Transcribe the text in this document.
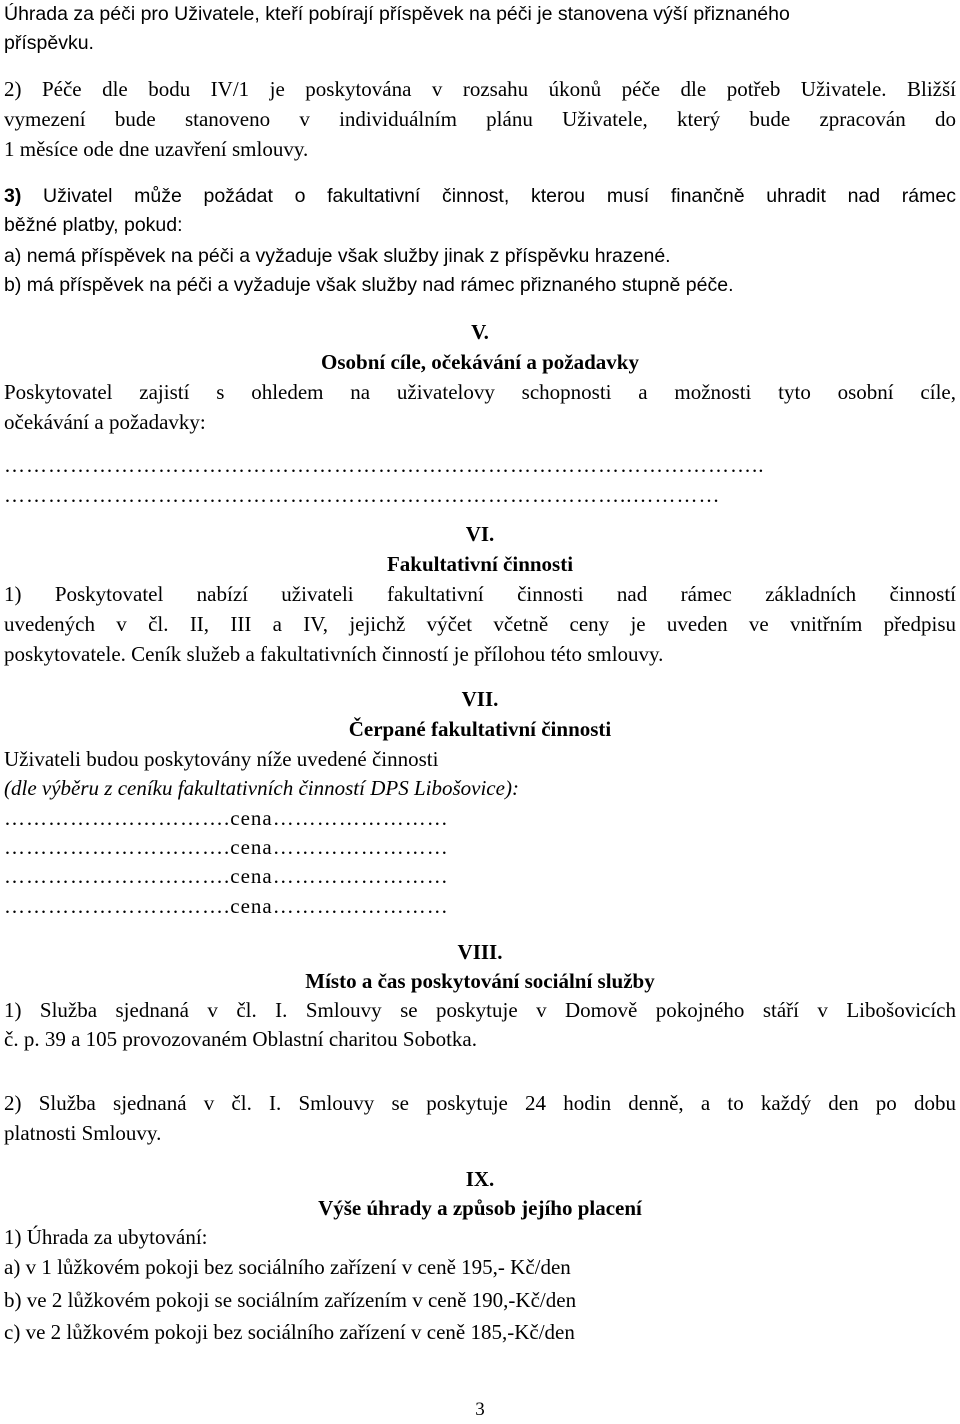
Úhrada za péči pro Uživatele, kteří pobírají příspěvek na péči je stanovena výší přiznaného
příspěvku.
2) Péče dle bodu IV/1 je poskytována v rozsahu úkonů péče dle potřeb Uživatele. Bližší
vymezení bude stanoveno v individuálním plánu Uživatele, který bude zpracován do
1 měsíce ode dne uzavření smlouvy.
3) Uživatel může požádat o fakultativní činnost, kterou musí finančně uhradit nad rámec
běžné platby, pokud:
a) nemá příspěvek na péči a vyžaduje však služby jinak z příspěvku hrazené.
b) má příspěvek na péči a vyžaduje však služby nad rámec přiznaného stupně péče.
V.
Osobní cíle, očekávání a požadavky
Poskytovatel zajistí s ohledem na uživatelovy schopnosti a možnosti tyto osobní cíle,
očekávání a požadavky:
…………………………………………………………………………………………..
…………………………………………………………………………..…………
VI.
Fakultativní činnosti
1) Poskytovatel nabízí uživateli fakultativní činnosti nad rámec základních činností
uvedených v čl. II, III a IV, jejichž výčet včetně ceny je uveden ve vnitřním předpisu
poskytovatele. Ceník služeb a fakultativních činností je přílohou této smlouvy.
VII.
Čerpané fakultativní činnosti
Uživateli budou poskytovány níže uvedené činnosti
(dle výběru z ceníku fakultativních činností DPS Libošovice):
………………………….cena……………………
………………………….cena……………………
………………………….cena……………………
………………………….cena……………………
VIII.
Místo a čas poskytování sociální služby
1) Služba sjednaná v čl. I. Smlouvy se poskytuje v Domově pokojného stáří v Libošovicích
č. p. 39 a 105 provozovaném Oblastní charitou Sobotka.
2) Služba sjednaná v čl. I. Smlouvy se poskytuje 24 hodin denně, a to každý den po dobu
platnosti Smlouvy.
IX.
Výše úhrady a způsob jejího placení
1) Úhrada za ubytování:
a) v 1 lůžkovém pokoji bez sociálního zařízení v ceně 195,- Kč/den
b) ve 2 lůžkovém pokoji se sociálním zařízením v ceně 190,-Kč/den
c) ve 2 lůžkovém pokoji bez sociálního zařízení v ceně 185,-Kč/den
3
